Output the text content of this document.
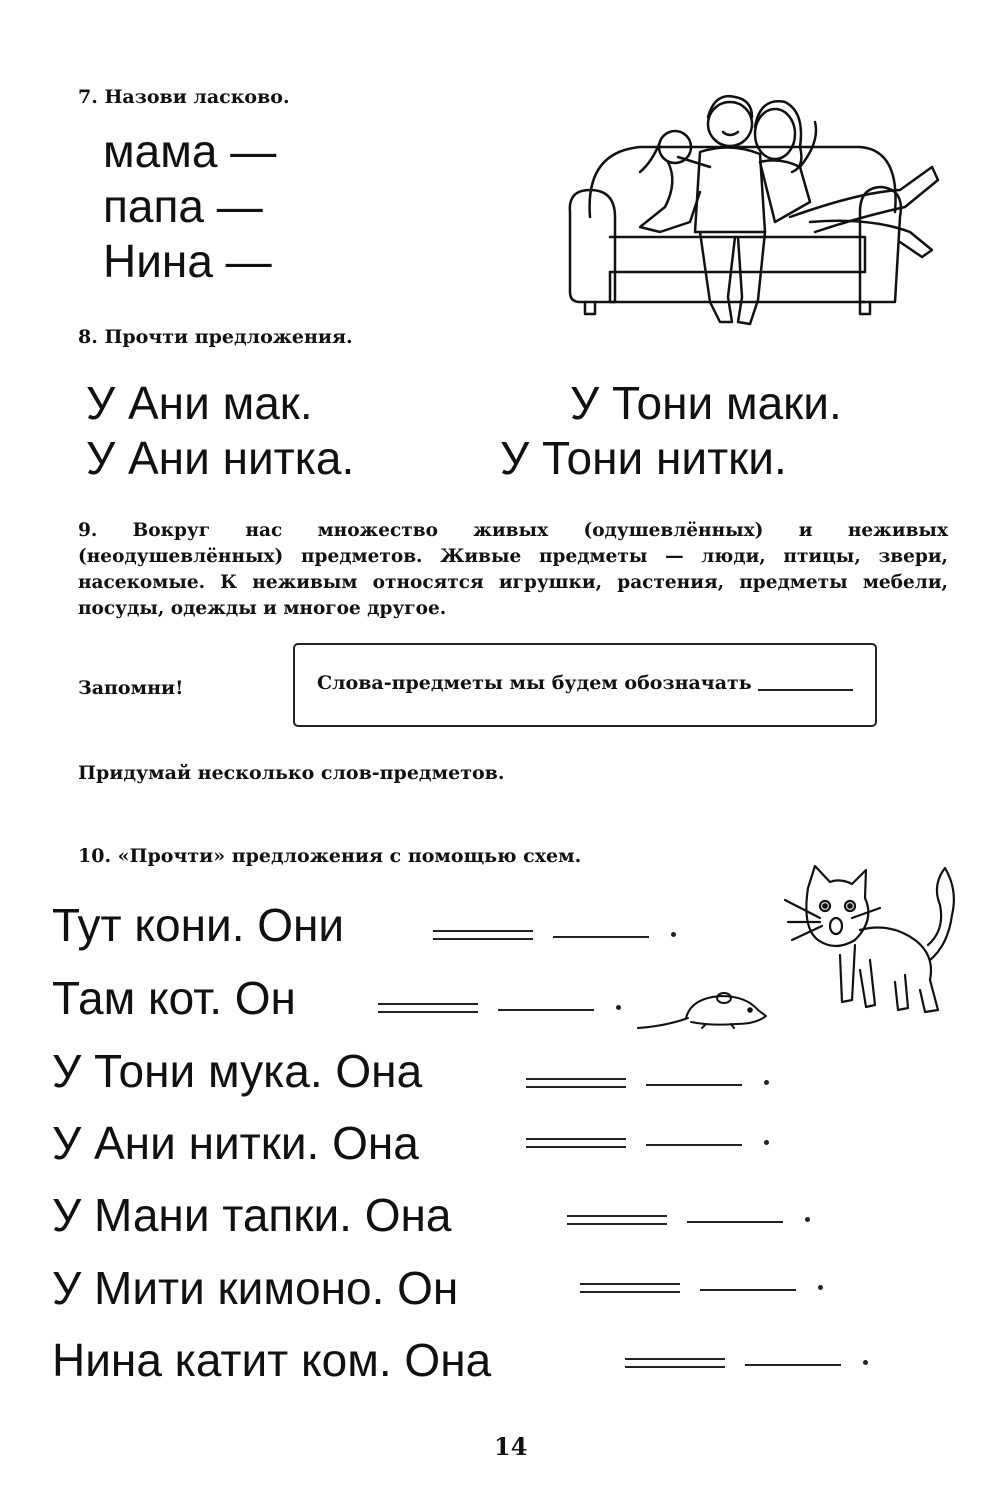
7. Назови ласково.
мама —
папа —
Нина —
8. Прочти предложения.
У Ани мак.
У Ани нитка.
У Тони маки.
У Тони нитки.
9. Вокруг нас множество живых (одушевлённых) и неживых (неодушевлённых) предметов. Живые предметы — люди, птицы, звери, насекомые. К неживым относятся игрушки, растения, предметы мебели, посуды, одежды и многое другое.
Запомни!	Слова-предметы мы будем обозначать
Придумай несколько слов-предметов.
10. «Прочти» предложения с помощью схем.
Тут кони. Они
Там кот. Он
У Тони мука. Она
У Ани нитки. Она
У Мани тапки. Она
У Мити кимоно. Он
Нина катит ком. Она
14
